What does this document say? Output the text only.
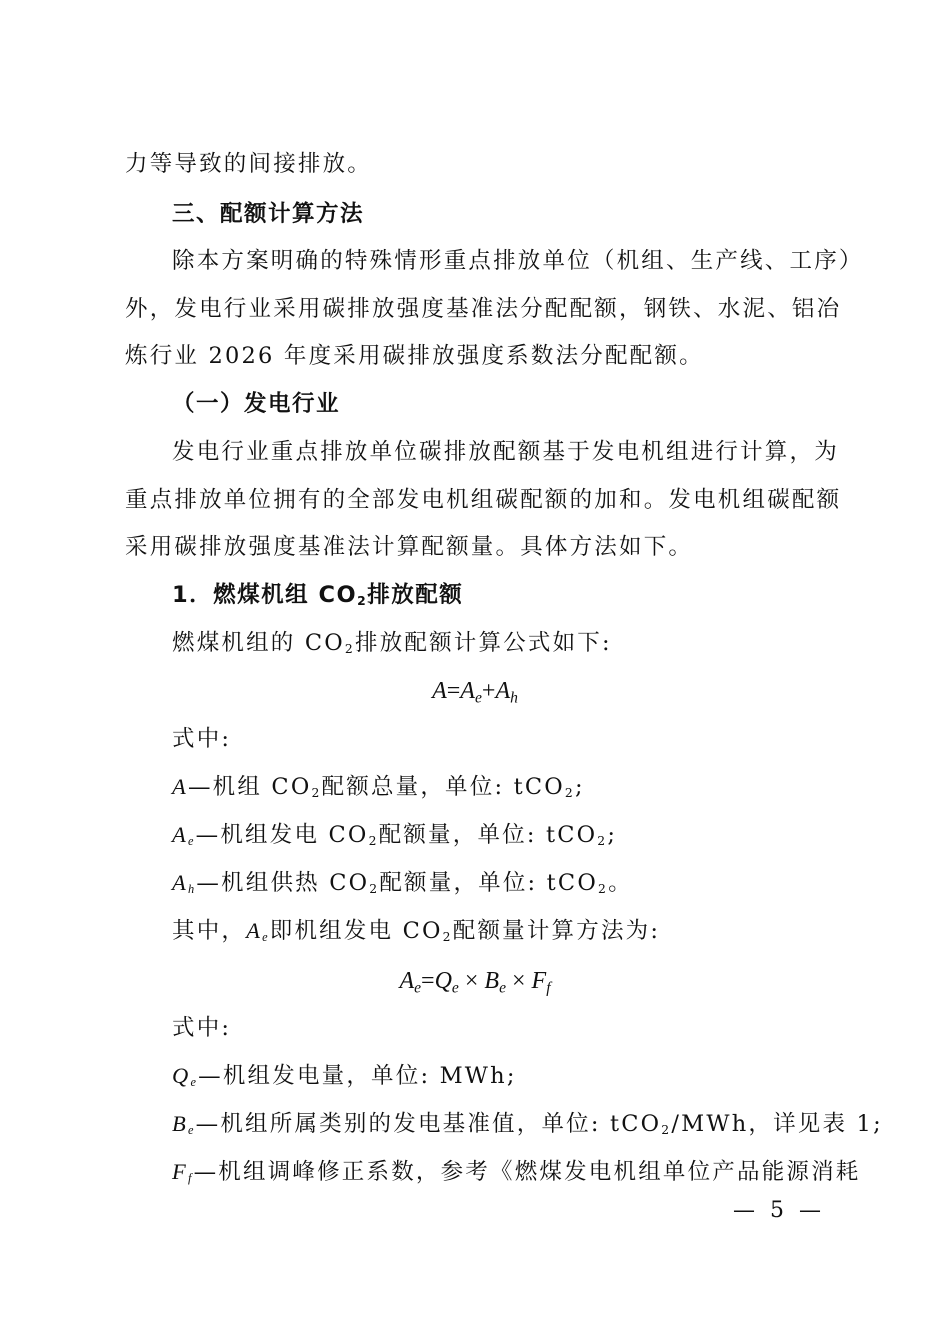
力等导致的间接排放。
三、配额计算方法
除本方案明确的特殊情形重点排放单位（机组、生产线、工序）
外，发电行业采用碳排放强度基准法分配配额，钢铁、水泥、铝冶
炼行业 2026 年度采用碳排放强度系数法分配配额。
（一）发电行业
发电行业重点排放单位碳排放配额基于发电机组进行计算，为
重点排放单位拥有的全部发电机组碳配额的加和。发电机组碳配额
采用碳排放强度基准法计算配额量。具体方法如下。
1．燃煤机组 $CO_2$排放配额
燃煤机组的 $CO_2$排放配额计算公式如下:
$A=A_e+A_h$
式中:
A—机组 $CO_2$配额总量，单位: tCO$_2$;
$A_e—$机组发电 $CO_2$配额量，单位: tCO$_2$;
$A_h—$机组供热 $CO_2$配额量，单位: tCO$_2$。
其中，$A_e$即机组发电 $CO_2$配额量计算方法为:
$A_e=Q_e \times B_e \times F_f$
式中:
$Q_e—$机组发电量，单位: MWh;
$B_e—$机组所属类别的发电基准值，单位: tCO$_2$/MWh，详见表 1;
$F_f—$机组调峰修正系数，参考《燃煤发电机组单位产品能源消耗
— 5 —
